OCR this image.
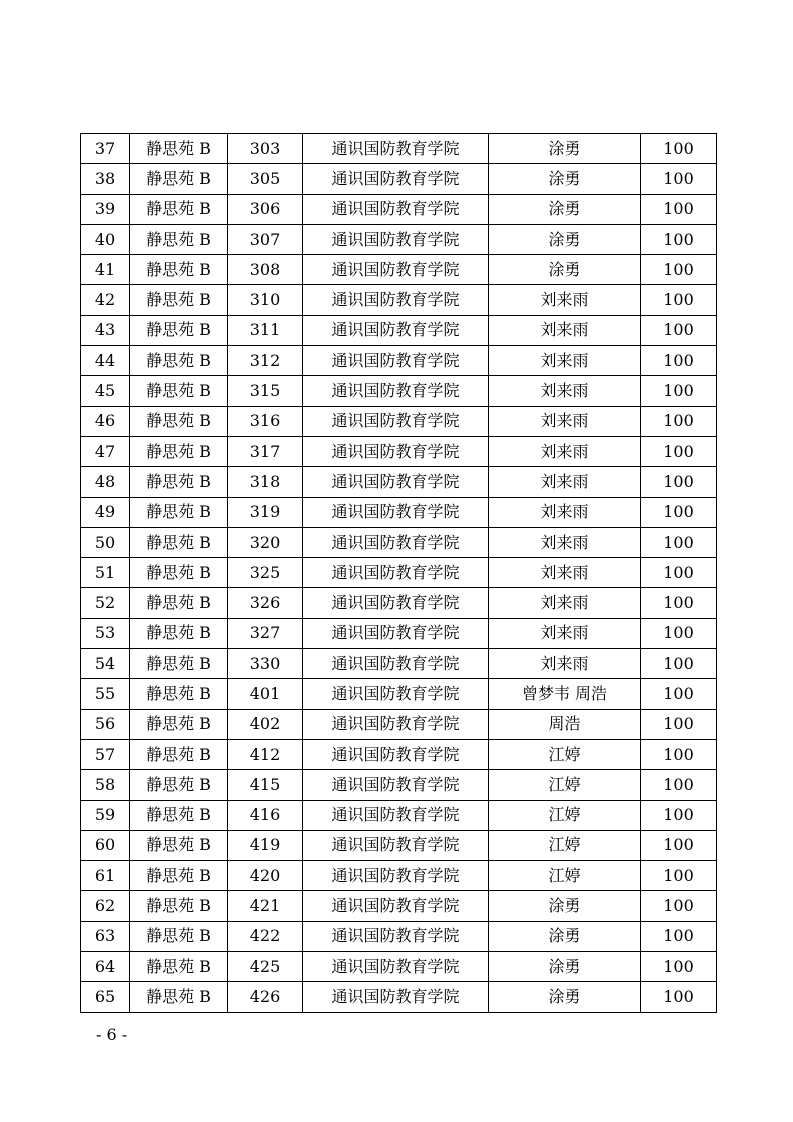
37	静思苑 B	303	通识国防教育学院	涂勇	100
38	静思苑 B	305	通识国防教育学院	涂勇	100
39	静思苑 B	306	通识国防教育学院	涂勇	100
40	静思苑 B	307	通识国防教育学院	涂勇	100
41	静思苑 B	308	通识国防教育学院	涂勇	100
42	静思苑 B	310	通识国防教育学院	刘来雨	100
43	静思苑 B	311	通识国防教育学院	刘来雨	100
44	静思苑 B	312	通识国防教育学院	刘来雨	100
45	静思苑 B	315	通识国防教育学院	刘来雨	100
46	静思苑 B	316	通识国防教育学院	刘来雨	100
47	静思苑 B	317	通识国防教育学院	刘来雨	100
48	静思苑 B	318	通识国防教育学院	刘来雨	100
49	静思苑 B	319	通识国防教育学院	刘来雨	100
50	静思苑 B	320	通识国防教育学院	刘来雨	100
51	静思苑 B	325	通识国防教育学院	刘来雨	100
52	静思苑 B	326	通识国防教育学院	刘来雨	100
53	静思苑 B	327	通识国防教育学院	刘来雨	100
54	静思苑 B	330	通识国防教育学院	刘来雨	100
55	静思苑 B	401	通识国防教育学院	曾梦韦 周浩	100
56	静思苑 B	402	通识国防教育学院	周浩	100
57	静思苑 B	412	通识国防教育学院	江婷	100
58	静思苑 B	415	通识国防教育学院	江婷	100
59	静思苑 B	416	通识国防教育学院	江婷	100
60	静思苑 B	419	通识国防教育学院	江婷	100
61	静思苑 B	420	通识国防教育学院	江婷	100
62	静思苑 B	421	通识国防教育学院	涂勇	100
63	静思苑 B	422	通识国防教育学院	涂勇	100
64	静思苑 B	425	通识国防教育学院	涂勇	100
65	静思苑 B	426	通识国防教育学院	涂勇	100
- 6 -
